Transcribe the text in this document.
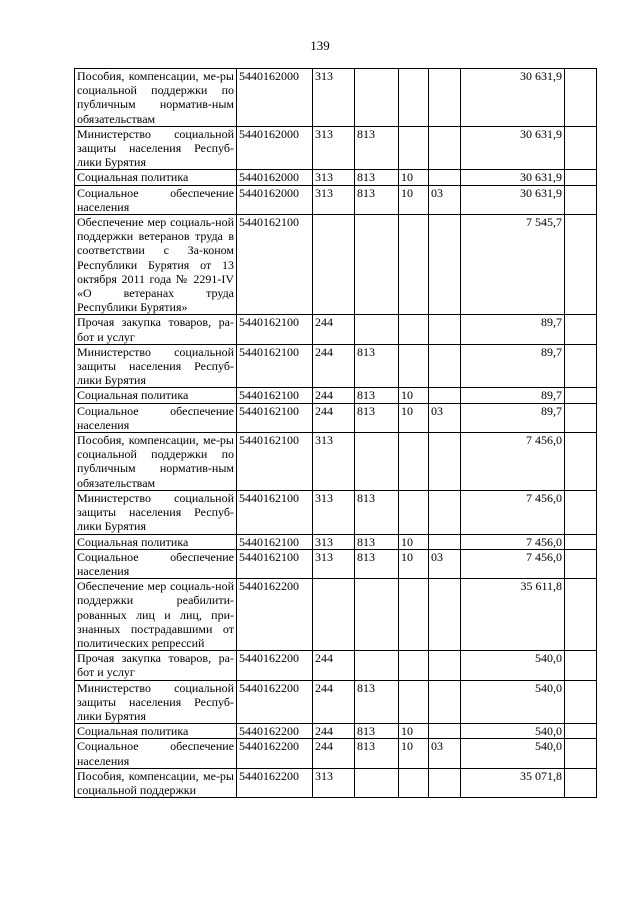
139
Пособия, компенсации, ме-ры социальной поддержки по публичным норматив-ным обязательствам	5440162000	313				30 631,9	
Министерство социальной защиты населения Респуб-лики Бурятия	5440162000	313	813			30 631,9	
Социальная политика	5440162000	313	813	10		30 631,9	
Социальное обеспечение населения	5440162000	313	813	10	03	30 631,9	
Обеспечение мер социаль-ной поддержки ветеранов труда в соответствии с За-коном Республики Бурятия от 13 октября 2011 года № 2291-IV «О ветеранах труда Республики Бурятия»	5440162100					7 545,7	
Прочая закупка товаров, ра-бот и услуг	5440162100	244				89,7	
Министерство социальной защиты населения Респуб-лики Бурятия	5440162100	244	813			89,7	
Социальная политика	5440162100	244	813	10		89,7	
Социальное обеспечение населения	5440162100	244	813	10	03	89,7	
Пособия, компенсации, ме-ры социальной поддержки по публичным норматив-ным обязательствам	5440162100	313				7 456,0	
Министерство социальной защиты населения Респуб-лики Бурятия	5440162100	313	813			7 456,0	
Социальная политика	5440162100	313	813	10		7 456,0	
Социальное обеспечение населения	5440162100	313	813	10	03	7 456,0	
Обеспечение мер социаль-ной поддержки реабилити-рованных лиц и лиц, при-знанных пострадавшими от политических репрессий	5440162200					35 611,8	
Прочая закупка товаров, ра-бот и услуг	5440162200	244				540,0	
Министерство социальной защиты населения Респуб-лики Бурятия	5440162200	244	813			540,0	
Социальная политика	5440162200	244	813	10		540,0	
Социальное обеспечение населения	5440162200	244	813	10	03	540,0	
Пособия, компенсации, ме-ры социальной поддержки	5440162200	313				35 071,8	
